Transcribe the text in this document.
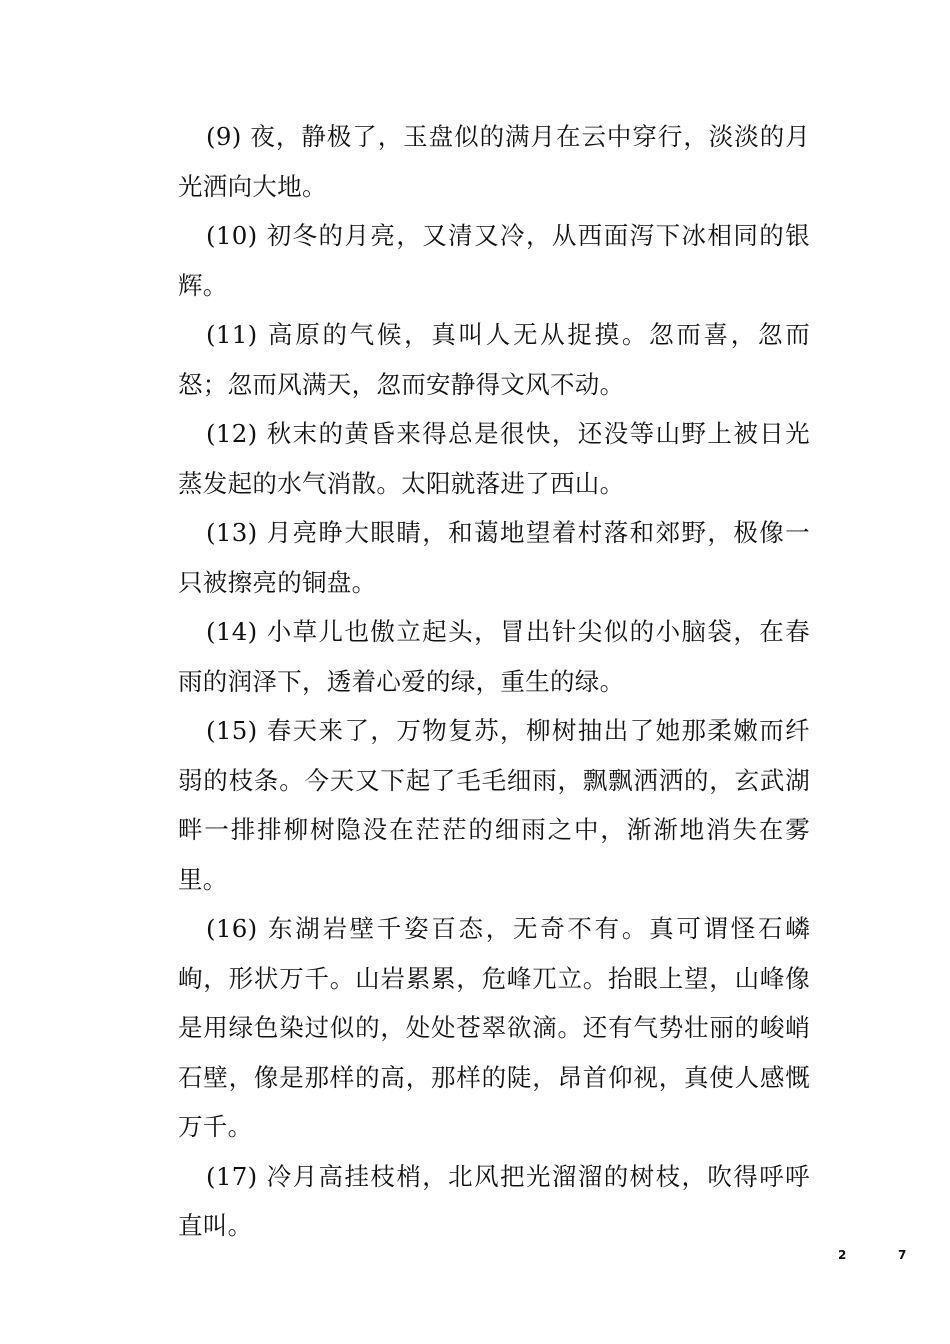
(9) 夜，静极了，玉盘似的满月在云中穿行，淡淡的月光洒向大地。

(10) 初冬的月亮，又清又冷，从西面泻下冰相同的银辉。

(11) 高原的气候，真叫人无从捉摸。忽而喜，忽而怒；忽而风满天，忽而安静得文风不动。

(12) 秋末的黄昏来得总是很快，还没等山野上被日光蒸发起的水气消散。太阳就落进了西山。

(13) 月亮睁大眼睛，和蔼地望着村落和郊野，极像一只被擦亮的铜盘。

(14) 小草儿也傲立起头，冒出针尖似的小脑袋，在春雨的润泽下，透着心爱的绿，重生的绿。

(15) 春天来了，万物复苏，柳树抽出了她那柔嫩而纤弱的枝条。今天又下起了毛毛细雨，飘飘洒洒的，玄武湖畔一排排柳树隐没在茫茫的细雨之中，渐渐地消失在雾里。

(16) 东湖岩壁千姿百态，无奇不有。真可谓怪石嶙峋，形状万千。山岩累累，危峰兀立。抬眼上望，山峰像是用绿色染过似的，处处苍翠欲滴。还有气势壮丽的峻峭石壁，像是那样的高，那样的陡，昂首仰视，真使人感慨万千。

(17) 冷月高挂枝梢，北风把光溜溜的树枝，吹得呼呼直叫。

2	7
